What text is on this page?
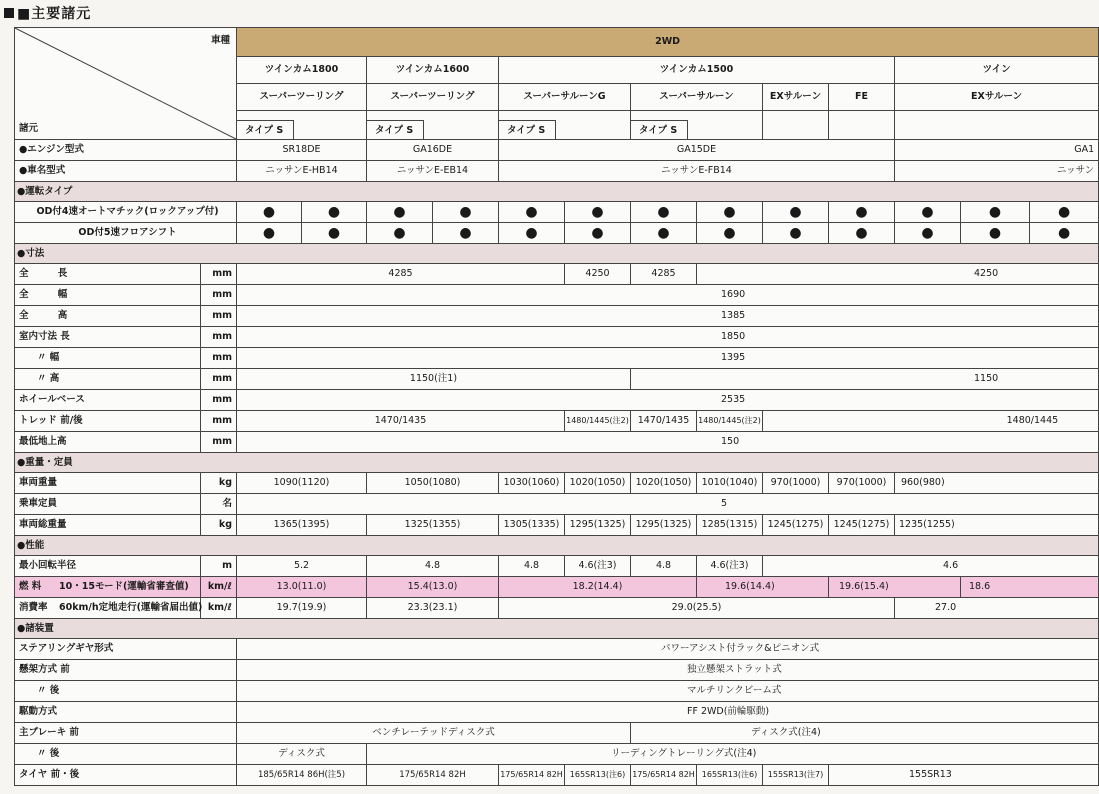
■主要諸元
車種
諸元		2WD												
		ツインカム1800		ツインカム1600		ツインカム1500						ツイン		
		スーパーツーリング		スーパーツーリング		スーパーサルーンG		スーパーサルーン		EXサルーン	FE	EXサルーン		
		タイプ S		タイプ S		タイプ S		タイプ S						
●エンジン型式		SR18DE		GA16DE		GA15DE						GA1		
●車名型式		ニッサンE-HB14		ニッサンE-EB14		ニッサンE-FB14						ニッサン		
●運転タイプ														
OD付4速オートマチック(ロックアップ付)	●	●	●	●	●	●	●	●	●	●	●	●	●
OD付5速フロアシフト	●	●	●	●	●	●	●	●	●	●	●	●	●
●寸法														
全 長	mm	4285					4250	4285	4250					
全 幅	mm	1690												
全 高	mm	1385												
室内寸法 長	mm	1850												
〃 幅	mm	1395												
〃 高	mm	1150(注1)						1150						
ホイールベース	mm	2535												
トレッド 前/後	mm	1470/1435					1480/1445(注2)	1470/1435	1480/1445(注2)	1480/1445				
最低地上高	mm	150												
●重量・定員														
車両重量	kg	1090(1120)		1050(1080)		1030(1060)	1020(1050)	1020(1050)	1010(1040)	970(1000)	970(1000)	960(980)		
乗車定員	名	5												
車両総重量	kg	1365(1395)		1325(1355)		1305(1335)	1295(1325)	1295(1325)	1285(1315)	1245(1275)	1245(1275)	1235(1255)		
●性能														
最小回転半径	m	5.2		4.8		4.8	4.6(注3)	4.8	4.6(注3)	4.6				
燃 料 10・15モード(運輸省審査値)	km/ℓ	13.0(11.0)		15.4(13.0)		18.2(14.4)			19.6(14.4)		19.6(15.4)		18.6	
消費率 60km/h定地走行(運輸省届出値)	km/ℓ	19.7(19.9)		23.3(23.1)		29.0(25.5)						27.0		
●諸装置														
ステアリングギヤ形式		パワーアシスト付ラック&ピニオン式												
懸架方式 前		独立懸架ストラット式												
〃 後		マルチリンクビーム式												
駆動方式		FF 2WD(前輪駆動)												
主ブレーキ 前		ベンチレーテッドディスク式						ディスク式(注4)						
〃 後		ディスク式		リーディングトレーリング式(注4)										
タイヤ 前・後		185/65R14 86H(注5)		175/65R14 82H		175/65R14 82H	165SR13(注6)	175/65R14 82H	165SR13(注6)	155SR13(注7)	155SR13			
